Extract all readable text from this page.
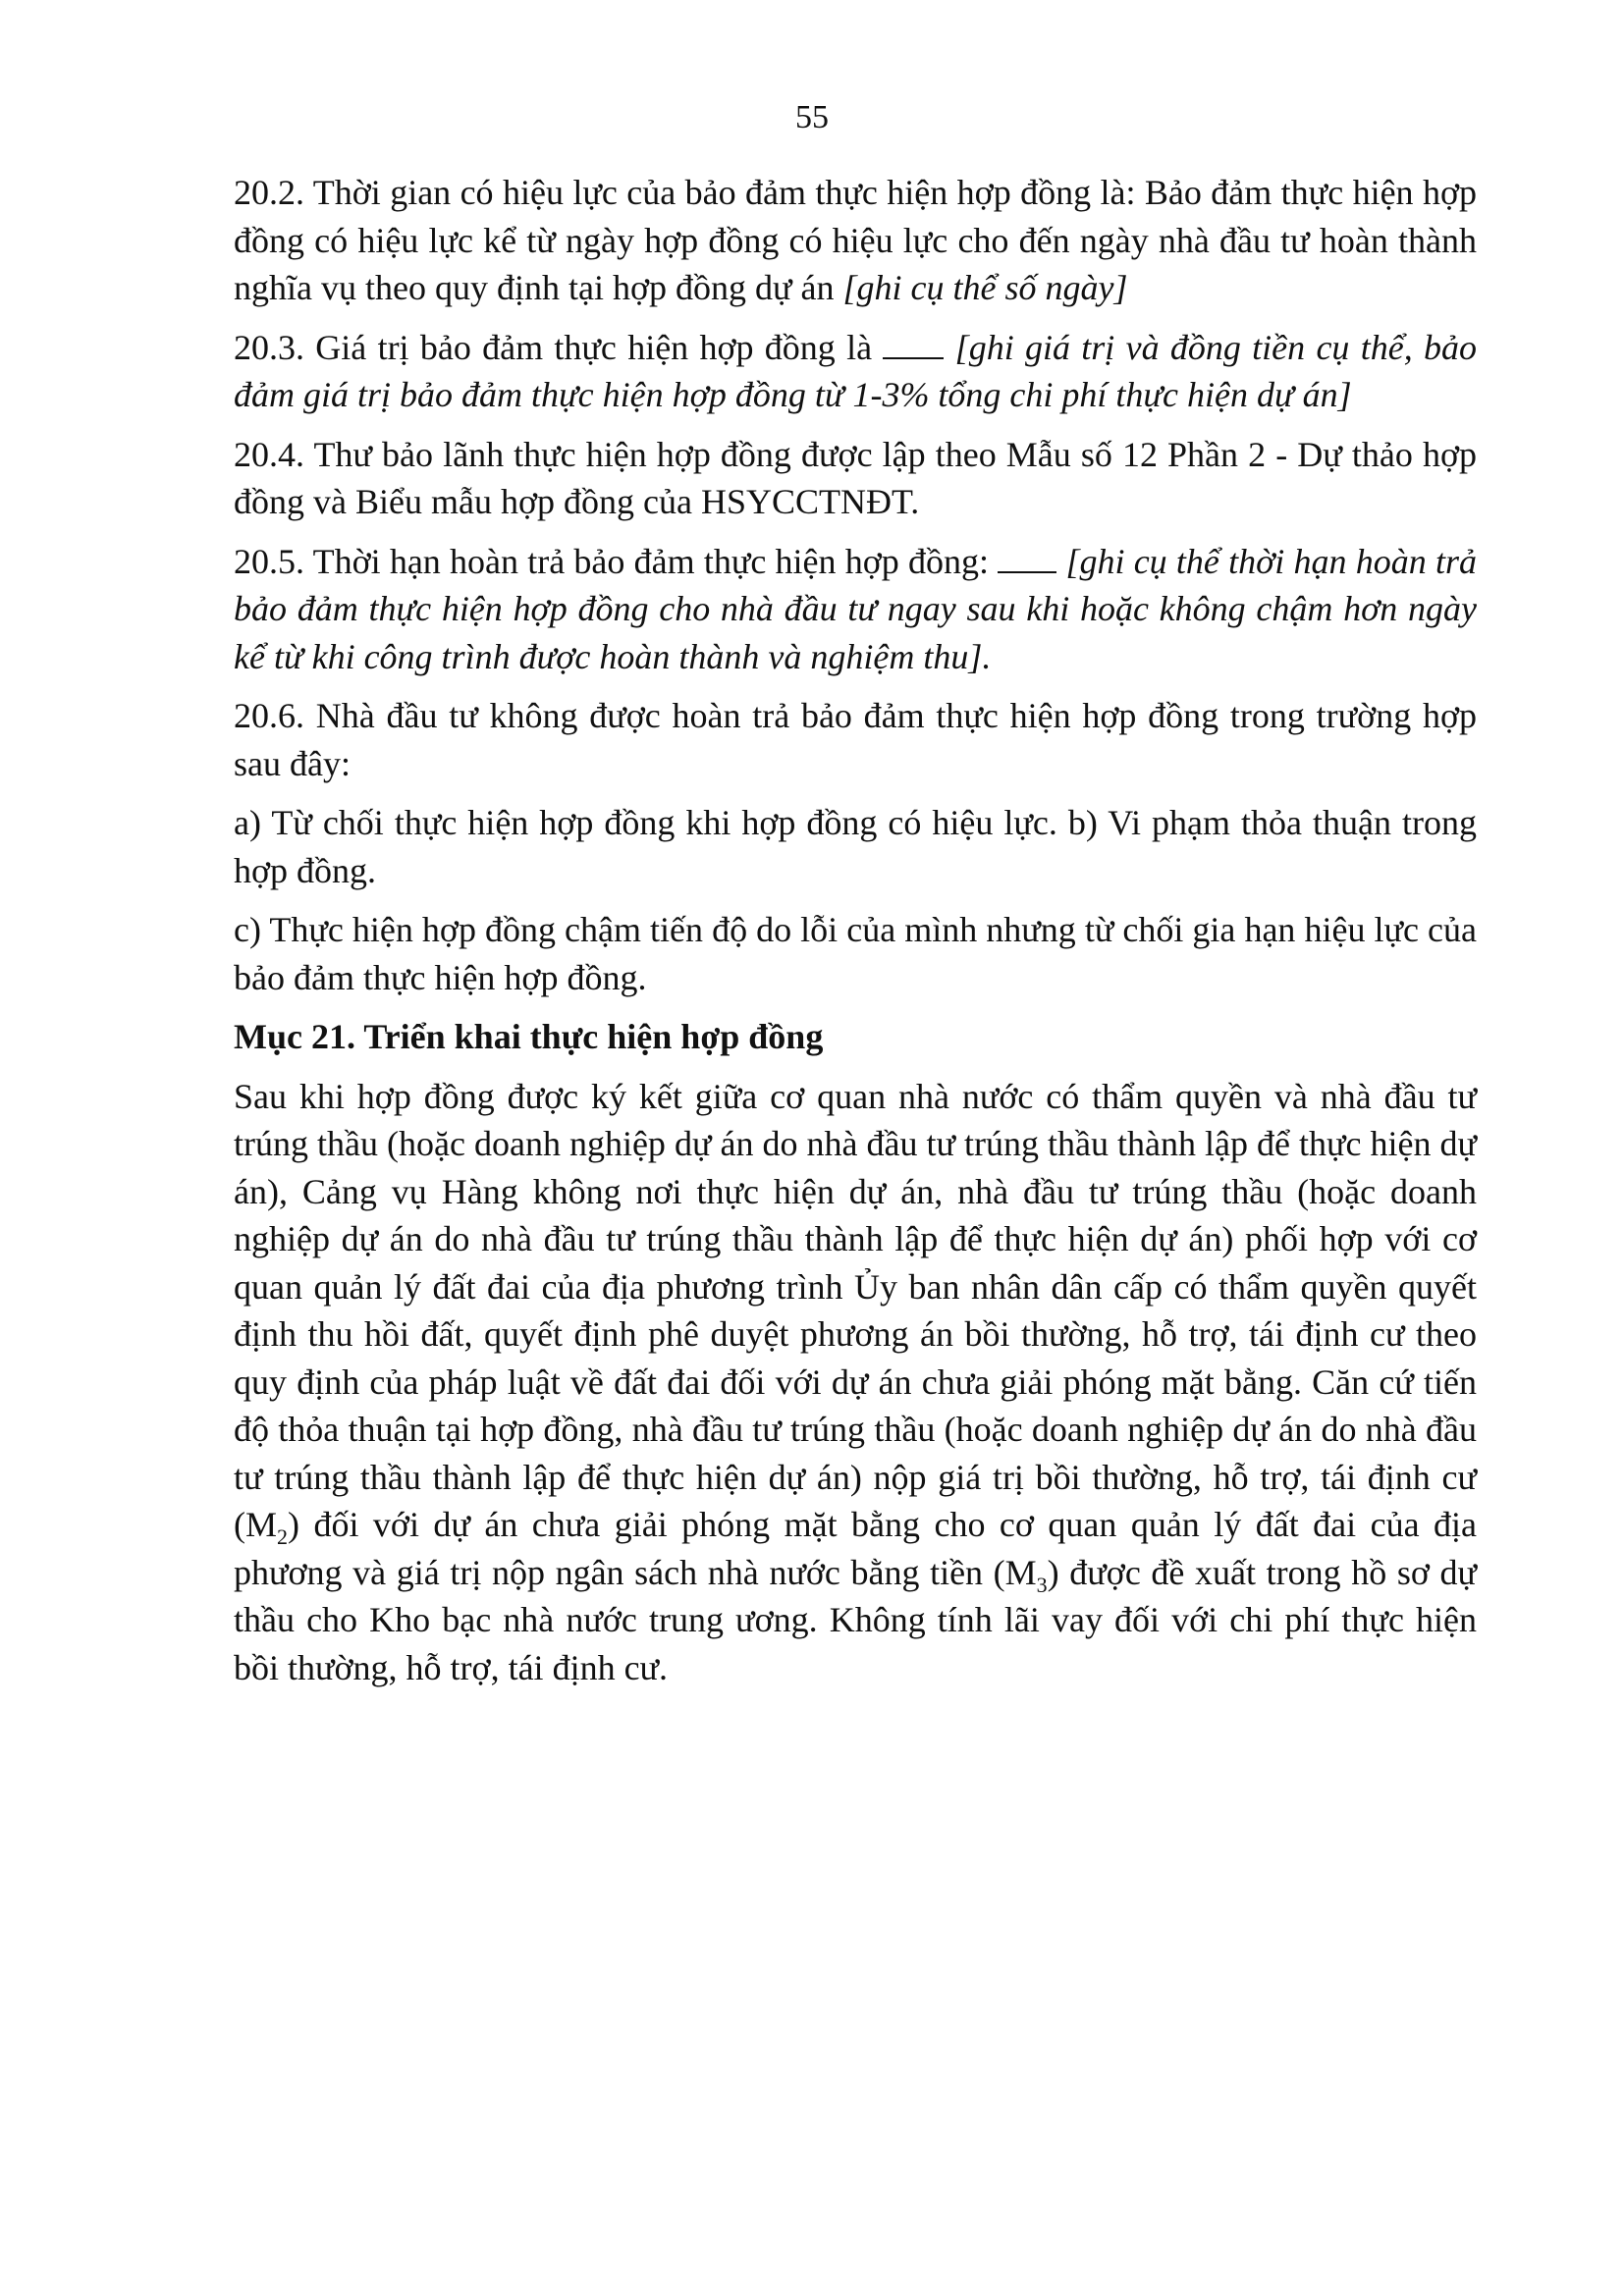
55

20.2. Thời gian có hiệu lực của bảo đảm thực hiện hợp đồng là: Bảo đảm thực hiện hợp đồng có hiệu lực kể từ ngày hợp đồng có hiệu lực cho đến ngày nhà đầu tư hoàn thành nghĩa vụ theo quy định tại hợp đồng dự án [ghi cụ thể số ngày]

20.3. Giá trị bảo đảm thực hiện hợp đồng là  [ghi giá trị và đồng tiền cụ thể, bảo đảm giá trị bảo đảm thực hiện hợp đồng từ 1-3% tổng chi phí thực hiện dự án]

20.4. Thư bảo lãnh thực hiện hợp đồng được lập theo Mẫu số 12 Phần 2 - Dự thảo hợp đồng và Biểu mẫu hợp đồng của HSYCCTNĐT.

20.5. Thời hạn hoàn trả bảo đảm thực hiện hợp đồng:  [ghi cụ thể thời hạn hoàn trả bảo đảm thực hiện hợp đồng cho nhà đầu tư ngay sau khi hoặc không chậm hơn ngày kể từ khi công trình được hoàn thành và nghiệm thu].

20.6. Nhà đầu tư không được hoàn trả bảo đảm thực hiện hợp đồng trong trường hợp sau đây:

a) Từ chối thực hiện hợp đồng khi hợp đồng có hiệu lực. b) Vi phạm thỏa thuận trong hợp đồng.

c) Thực hiện hợp đồng chậm tiến độ do lỗi của mình nhưng từ chối gia hạn hiệu lực của bảo đảm thực hiện hợp đồng.

Mục 21. Triển khai thực hiện hợp đồng

Sau khi hợp đồng được ký kết giữa cơ quan nhà nước có thẩm quyền và nhà đầu tư trúng thầu (hoặc doanh nghiệp dự án do nhà đầu tư trúng thầu thành lập để thực hiện dự án), Cảng vụ Hàng không nơi thực hiện dự án, nhà đầu tư trúng thầu (hoặc doanh nghiệp dự án do nhà đầu tư trúng thầu thành lập để thực hiện dự án) phối hợp với cơ quan quản lý đất đai của địa phương trình Ủy ban nhân dân cấp có thẩm quyền quyết định thu hồi đất, quyết định phê duyệt phương án bồi thường, hỗ trợ, tái định cư theo quy định của pháp luật về đất đai đối với dự án chưa giải phóng mặt bằng. Căn cứ tiến độ thỏa thuận tại hợp đồng, nhà đầu tư trúng thầu (hoặc doanh nghiệp dự án do nhà đầu tư trúng thầu thành lập để thực hiện dự án) nộp giá trị bồi thường, hỗ trợ, tái định cư $(M_2)$ đối với dự án chưa giải phóng mặt bằng cho cơ quan quản lý đất đai của địa phương và giá trị nộp ngân sách nhà nước bằng tiền $(M_3)$ được đề xuất trong hồ sơ dự thầu cho Kho bạc nhà nước trung ương. Không tính lãi vay đối với chi phí thực hiện bồi thường, hỗ trợ, tái định cư.
